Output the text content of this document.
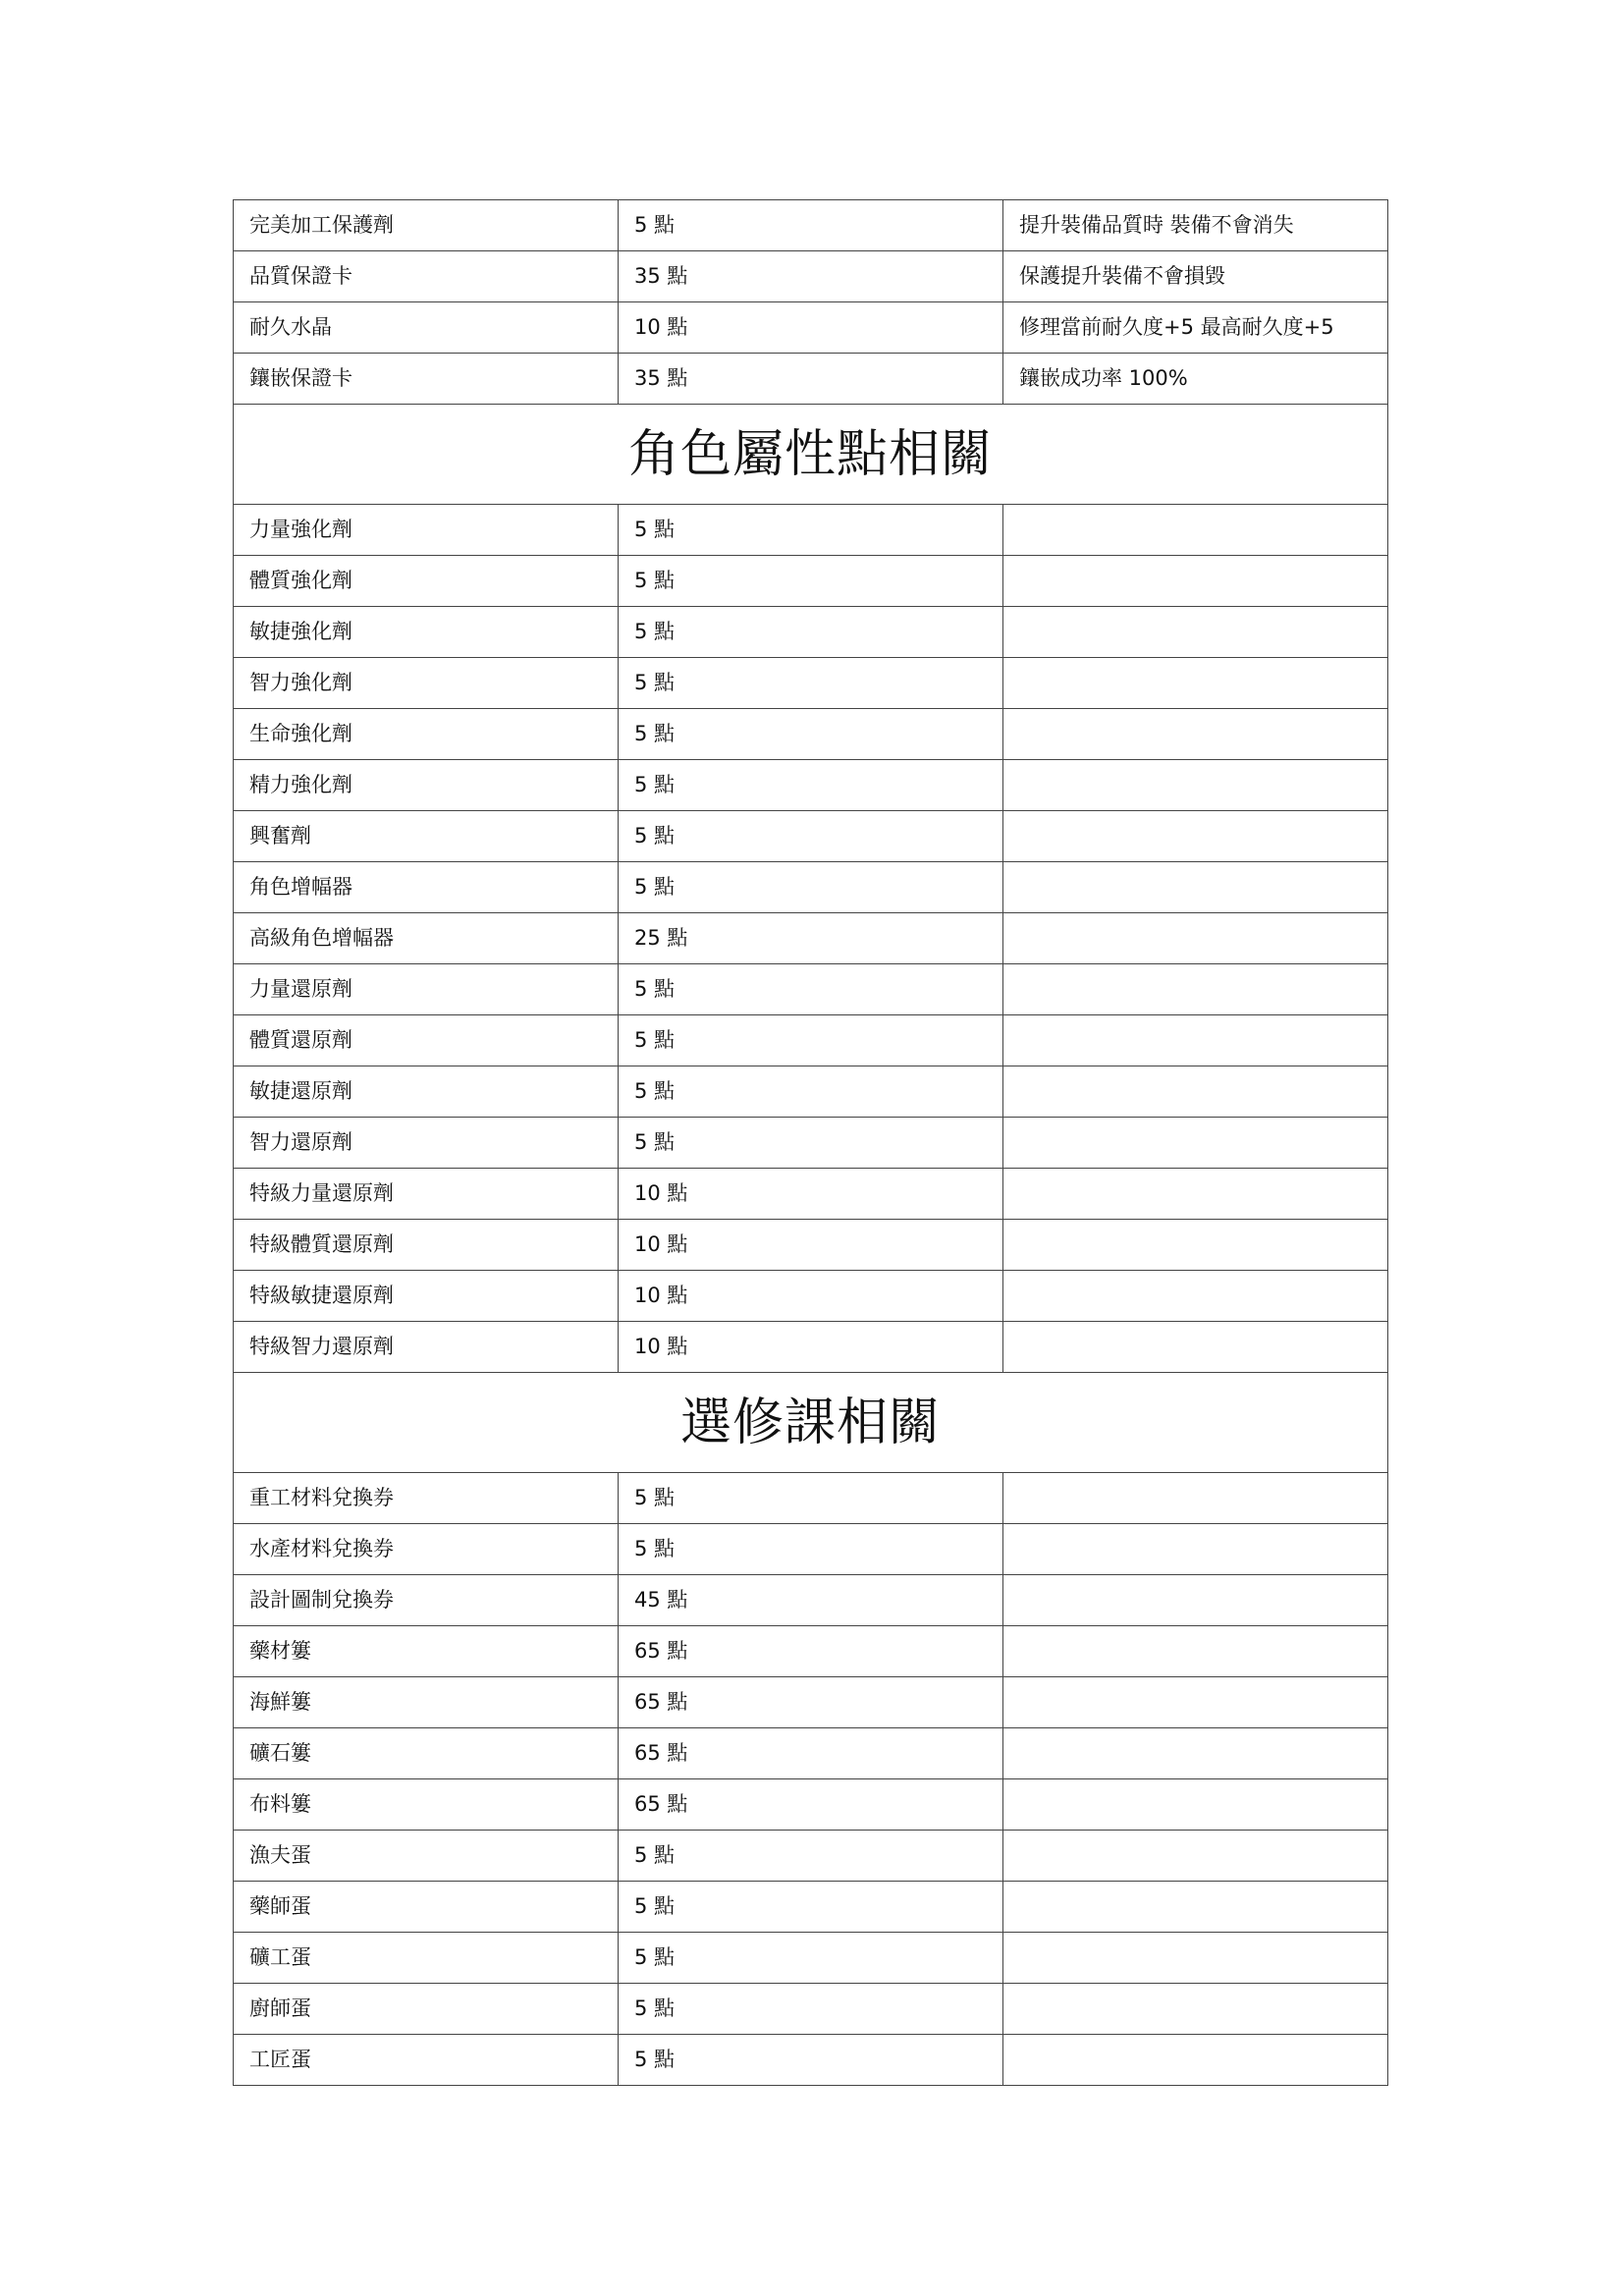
完美加工保護劑	5 點	提升裝備品質時 裝備不會消失
品質保證卡	35 點	保護提升裝備不會損毀
耐久水晶	10 點	修理當前耐久度+5 最高耐久度+5
鑲嵌保證卡	35 點	鑲嵌成功率 100%
角色屬性點相關		
力量強化劑	5 點	
體質強化劑	5 點	
敏捷強化劑	5 點	
智力強化劑	5 點	
生命強化劑	5 點	
精力強化劑	5 點	
興奮劑	5 點	
角色增幅器	5 點	
高級角色增幅器	25 點	
力量還原劑	5 點	
體質還原劑	5 點	
敏捷還原劑	5 點	
智力還原劑	5 點	
特級力量還原劑	10 點	
特級體質還原劑	10 點	
特級敏捷還原劑	10 點	
特級智力還原劑	10 點	
選修課相關		
重工材料兌換券	5 點	
水產材料兌換券	5 點	
設計圖制兌換券	45 點	
藥材簍	65 點	
海鮮簍	65 點	
礦石簍	65 點	
布料簍	65 點	
漁夫蛋	5 點	
藥師蛋	5 點	
礦工蛋	5 點	
廚師蛋	5 點	
工匠蛋	5 點	
